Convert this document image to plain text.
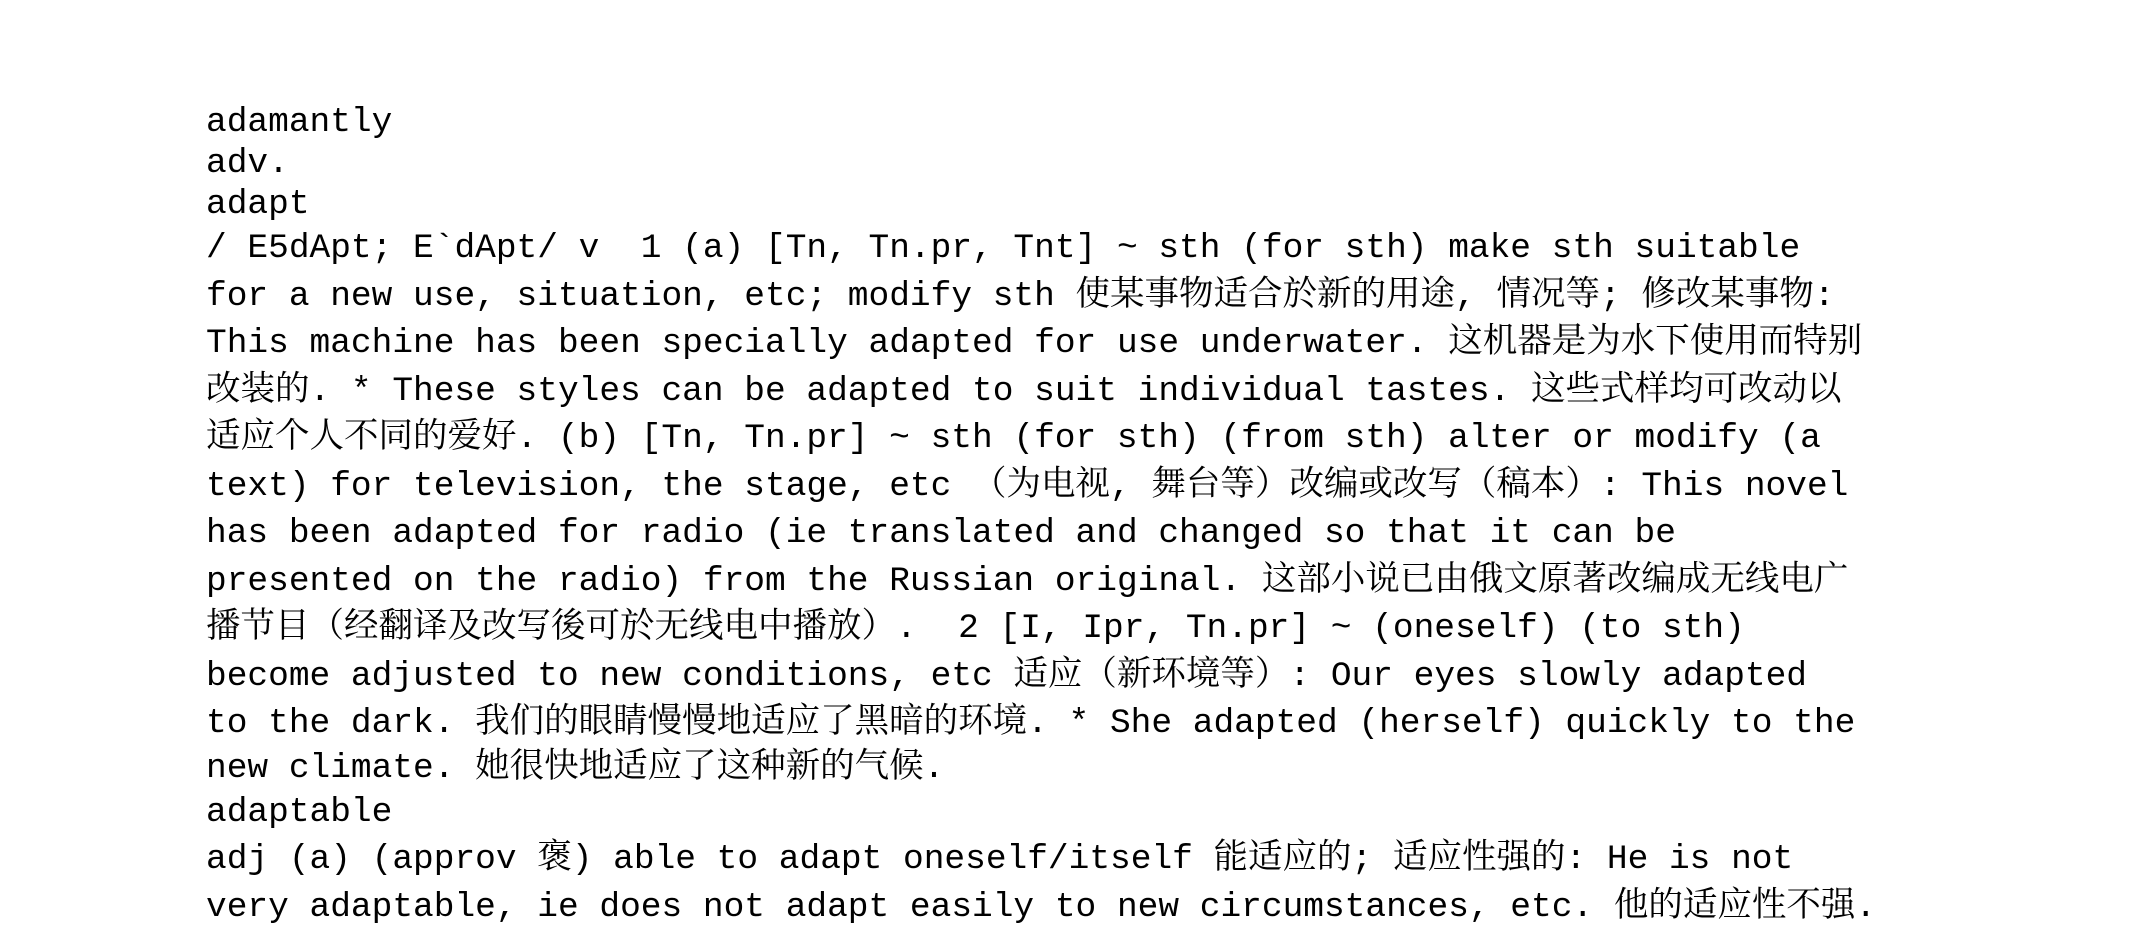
adamantly
adv.
adapt
/ E5dApt; E`dApt/ v  1 (a) [Tn, Tn.pr, Tnt] ~ sth (for sth) make sth suitable
for a new use, situation, etc; modify sth 使某事物适合於新的用途, 情况等; 修改某事物:
This machine has been specially adapted for use underwater. 这机器是为水下使用而特别
改装的. * These styles can be adapted to suit individual tastes. 这些式样均可改动以
适应个人不同的爱好. (b) [Tn, Tn.pr] ~ sth (for sth) (from sth) alter or modify (a
text) for television, the stage, etc （为电视, 舞台等）改编或改写（稿本）: This novel
has been adapted for radio (ie translated and changed so that it can be
presented on the radio) from the Russian original. 这部小说已由俄文原著改编成无线电广
播节目（经翻译及改写後可於无线电中播放）.  2 [I, Ipr, Tn.pr] ~ (oneself) (to sth)
become adjusted to new conditions, etc 适应（新环境等）: Our eyes slowly adapted
to the dark. 我们的眼睛慢慢地适应了黑暗的环境. * She adapted (herself) quickly to the
new climate. 她很快地适应了这种新的气候.
adaptable
adj (a) (approv 褒) able to adapt oneself/itself 能适应的; 适应性强的: He is not
very adaptable, ie does not adapt easily to new circumstances, etc. 他的适应性不强.
